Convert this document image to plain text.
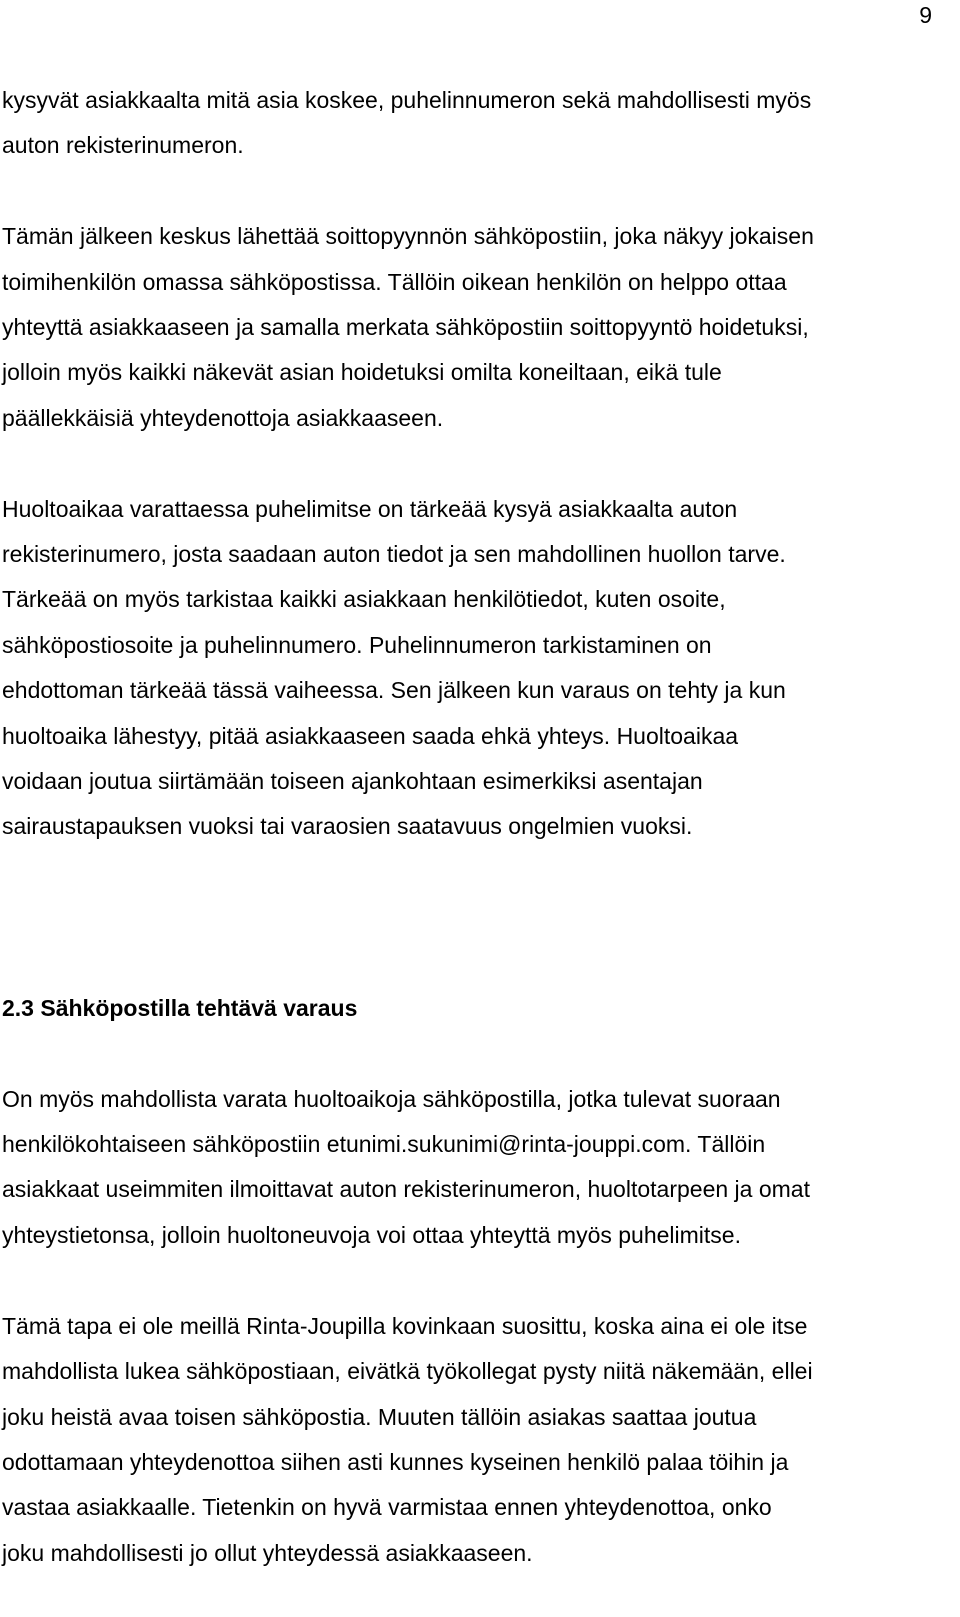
9

kysyvät asiakkaalta mitä asia koskee, puhelinnumeron sekä mahdollisesti myös
auton rekisterinumeron.

Tämän jälkeen keskus lähettää soittopyynnön sähköpostiin, joka näkyy jokaisen
toimihenkilön omassa sähköpostissa. Tällöin oikean henkilön on helppo ottaa
yhteyttä asiakkaaseen ja samalla merkata sähköpostiin soittopyyntö hoidetuksi,
jolloin myös kaikki näkevät asian hoidetuksi omilta koneiltaan, eikä tule
päällekkäisiä yhteydenottoja asiakkaaseen.

Huoltoaikaa varattaessa puhelimitse on tärkeää kysyä asiakkaalta auton
rekisterinumero, josta saadaan auton tiedot ja sen mahdollinen huollon tarve.
Tärkeää on myös tarkistaa kaikki asiakkaan henkilötiedot, kuten osoite,
sähköpostiosoite ja puhelinnumero. Puhelinnumeron tarkistaminen on
ehdottoman tärkeää tässä vaiheessa. Sen jälkeen kun varaus on tehty ja kun
huoltoaika lähestyy, pitää asiakkaaseen saada ehkä yhteys. Huoltoaikaa
voidaan joutua siirtämään toiseen ajankohtaan esimerkiksi asentajan
sairaustapauksen vuoksi tai varaosien saatavuus ongelmien vuoksi.

2.3 Sähköpostilla tehtävä varaus

On myös mahdollista varata huoltoaikoja sähköpostilla, jotka tulevat suoraan
henkilökohtaiseen sähköpostiin etunimi.sukunimi@rinta-jouppi.com. Tällöin
asiakkaat useimmiten ilmoittavat auton rekisterinumeron, huoltotarpeen ja omat
yhteystietonsa, jolloin huoltoneuvoja voi ottaa yhteyttä myös puhelimitse.

Tämä tapa ei ole meillä Rinta-Joupilla kovinkaan suosittu, koska aina ei ole itse
mahdollista lukea sähköpostiaan, eivätkä työkollegat pysty niitä näkemään, ellei
joku heistä avaa toisen sähköpostia. Muuten tällöin asiakas saattaa joutua
odottamaan yhteydenottoa siihen asti kunnes kyseinen henkilö palaa töihin ja
vastaa asiakkaalle. Tietenkin on hyvä varmistaa ennen yhteydenottoa, onko
joku mahdollisesti jo ollut yhteydessä asiakkaaseen.
